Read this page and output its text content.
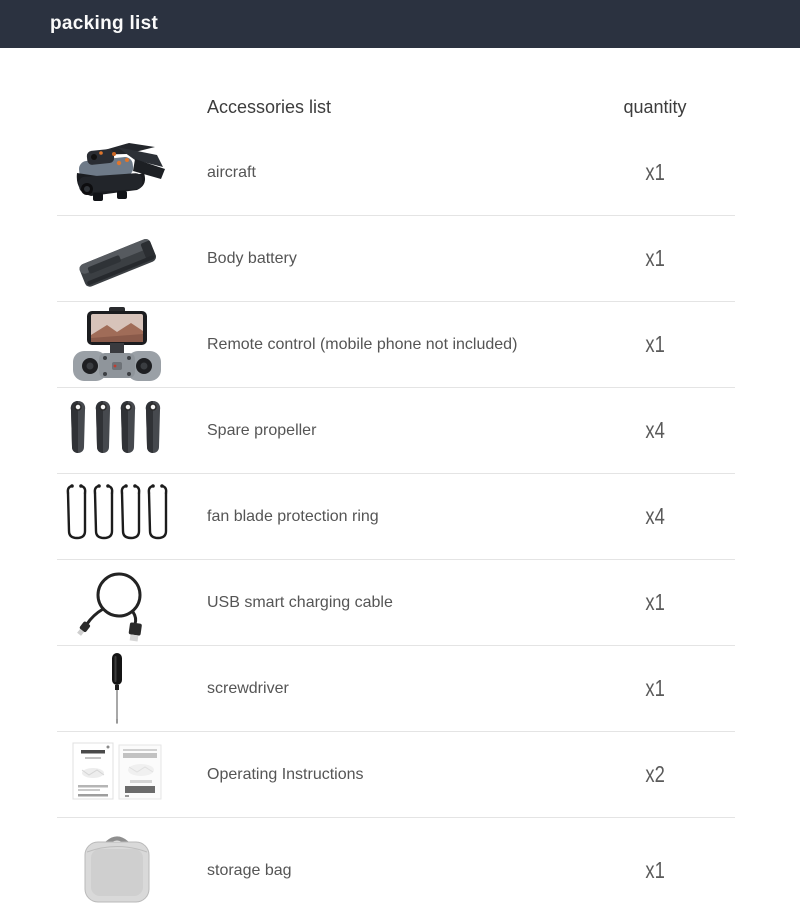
packing list
Accessories list	quantity
aircraft	x1
Body battery	x1
Remote control (mobile phone not included)	x1
Spare propeller	x4
fan blade protection ring	x4
USB smart charging cable	x1
screwdriver	x1
Operating Instructions	x2
storage bag	x1
